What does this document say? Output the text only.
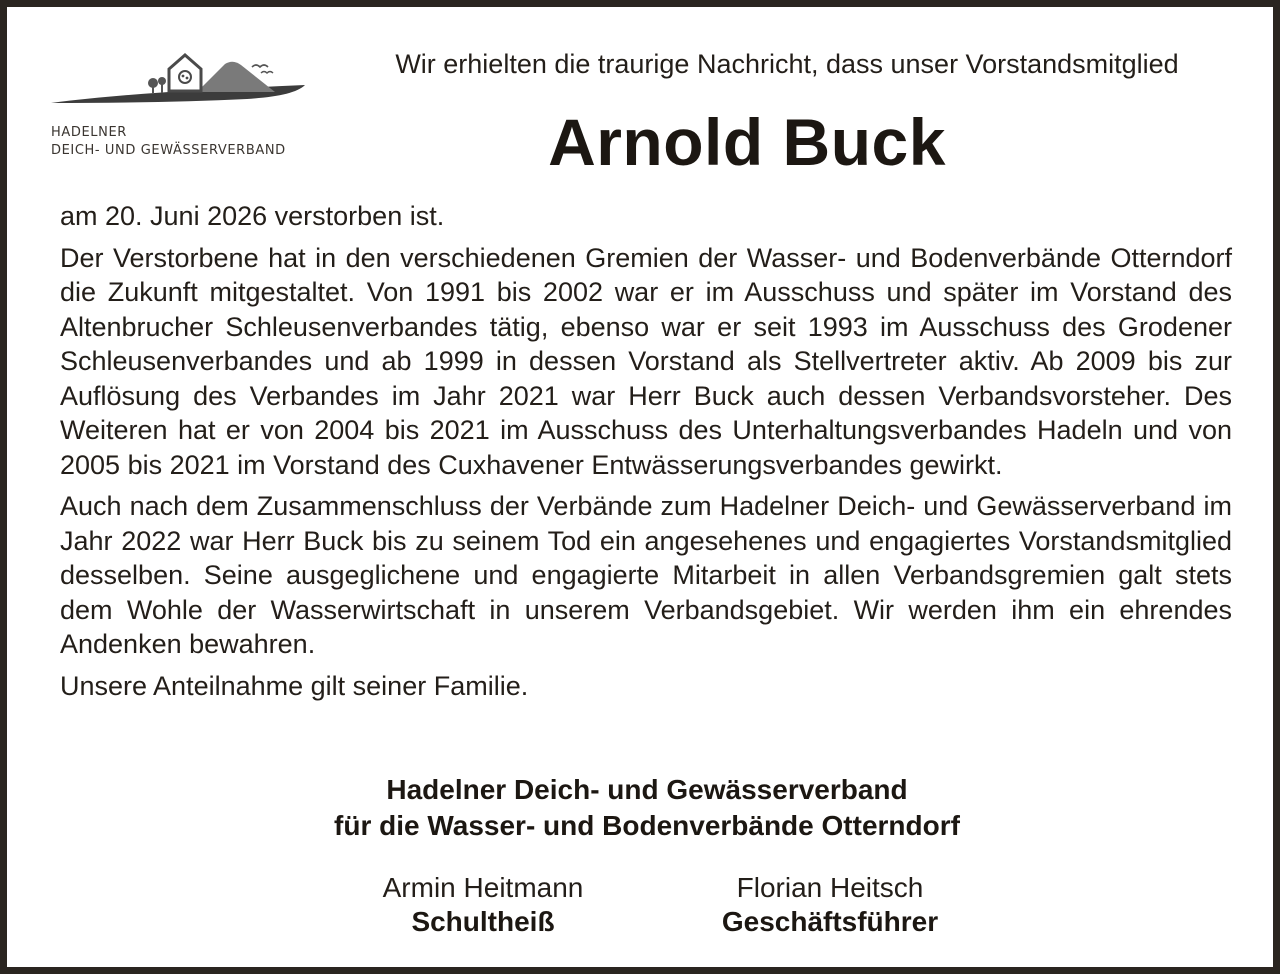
HADELNER
DEICH- UND GEWÄSSERVERBAND
Wir erhielten die traurige Nachricht, dass unser Vorstandsmitglied
Arnold Buck

am 20. Juni 2026 verstorben ist.

Der Verstorbene hat in den verschiedenen Gremien der Wasser- und Bodenverbände Otterndorf die Zukunft mitgestaltet. Von 1991 bis 2002 war er im Ausschuss und später im Vorstand des Altenbrucher Schleusenverbandes tätig, ebenso war er seit 1993 im Ausschuss des Grodener Schleusenverbandes und ab 1999 in dessen Vorstand als Stellvertreter aktiv. Ab 2009 bis zur Auflösung des Verbandes im Jahr 2021 war Herr Buck auch dessen Verbandsvorsteher. Des Weiteren hat er von 2004 bis 2021 im Ausschuss des Unterhaltungsverbandes Hadeln und von 2005 bis 2021 im Vorstand des Cuxhavener Entwässerungsverbandes gewirkt.

Auch nach dem Zusammenschluss der Verbände zum Hadelner Deich- und Gewässerverband im Jahr 2022 war Herr Buck bis zu seinem Tod ein angesehenes und engagiertes Vorstandsmitglied desselben. Seine ausgeglichene und engagierte Mitarbeit in allen Verbandsgremien galt stets dem Wohle der Wasserwirtschaft in unserem Verbandsgebiet. Wir werden ihm ein ehrendes Andenken bewahren.

Unsere Anteilnahme gilt seiner Familie.

Hadelner Deich- und Gewässerverband
für die Wasser- und Bodenverbände Otterndorf
Armin Heitmann
Schultheiß
Florian Heitsch
Geschäftsführer
